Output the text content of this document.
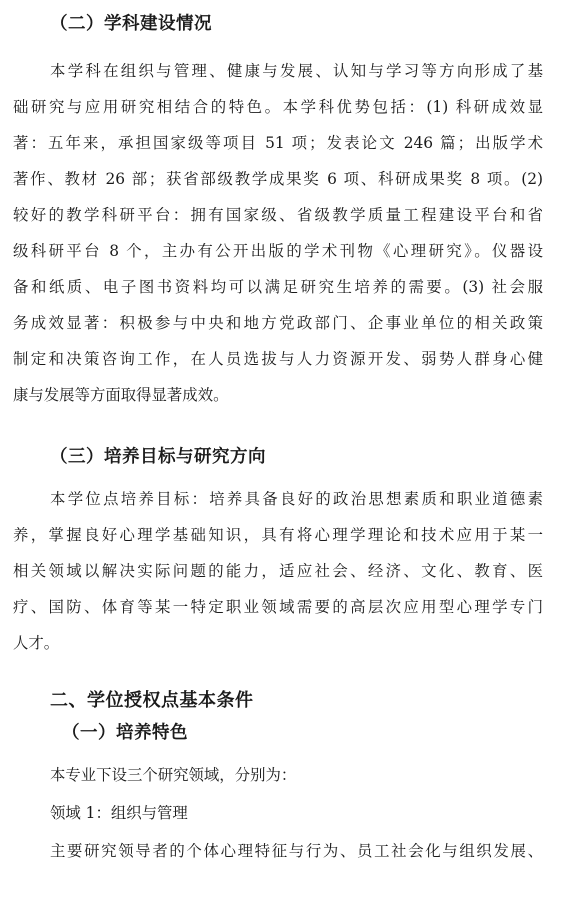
（二）学科建设情况
本学科在组织与管理、健康与发展、认知与学习等方向形成了基
础研究与应用研究相结合的特色。本学科优势包括：(1) 科研成效显
著：五年来，承担国家级等项目 51 项；发表论文 246 篇；出版学术
著作、教材 26 部；获省部级教学成果奖 6 项、科研成果奖 8 项。(2)
较好的教学科研平台：拥有国家级、省级教学质量工程建设平台和省
级科研平台 8 个，主办有公开出版的学术刊物《心理研究》。仪器设
备和纸质、电子图书资料均可以满足研究生培养的需要。(3) 社会服
务成效显著：积极参与中央和地方党政部门、企事业单位的相关政策
制定和决策咨询工作，在人员选拔与人力资源开发、弱势人群身心健
康与发展等方面取得显著成效。
（三）培养目标与研究方向
本学位点培养目标：培养具备良好的政治思想素质和职业道德素
养，掌握良好心理学基础知识，具有将心理学理论和技术应用于某一
相关领域以解决实际问题的能力，适应社会、经济、文化、教育、医
疗、国防、体育等某一特定职业领域需要的高层次应用型心理学专门
人才。
二、学位授权点基本条件
（一）培养特色
本专业下设三个研究领域，分别为：
领域 1：组织与管理
主要研究领导者的个体心理特征与行为、员工社会化与组织发展、
